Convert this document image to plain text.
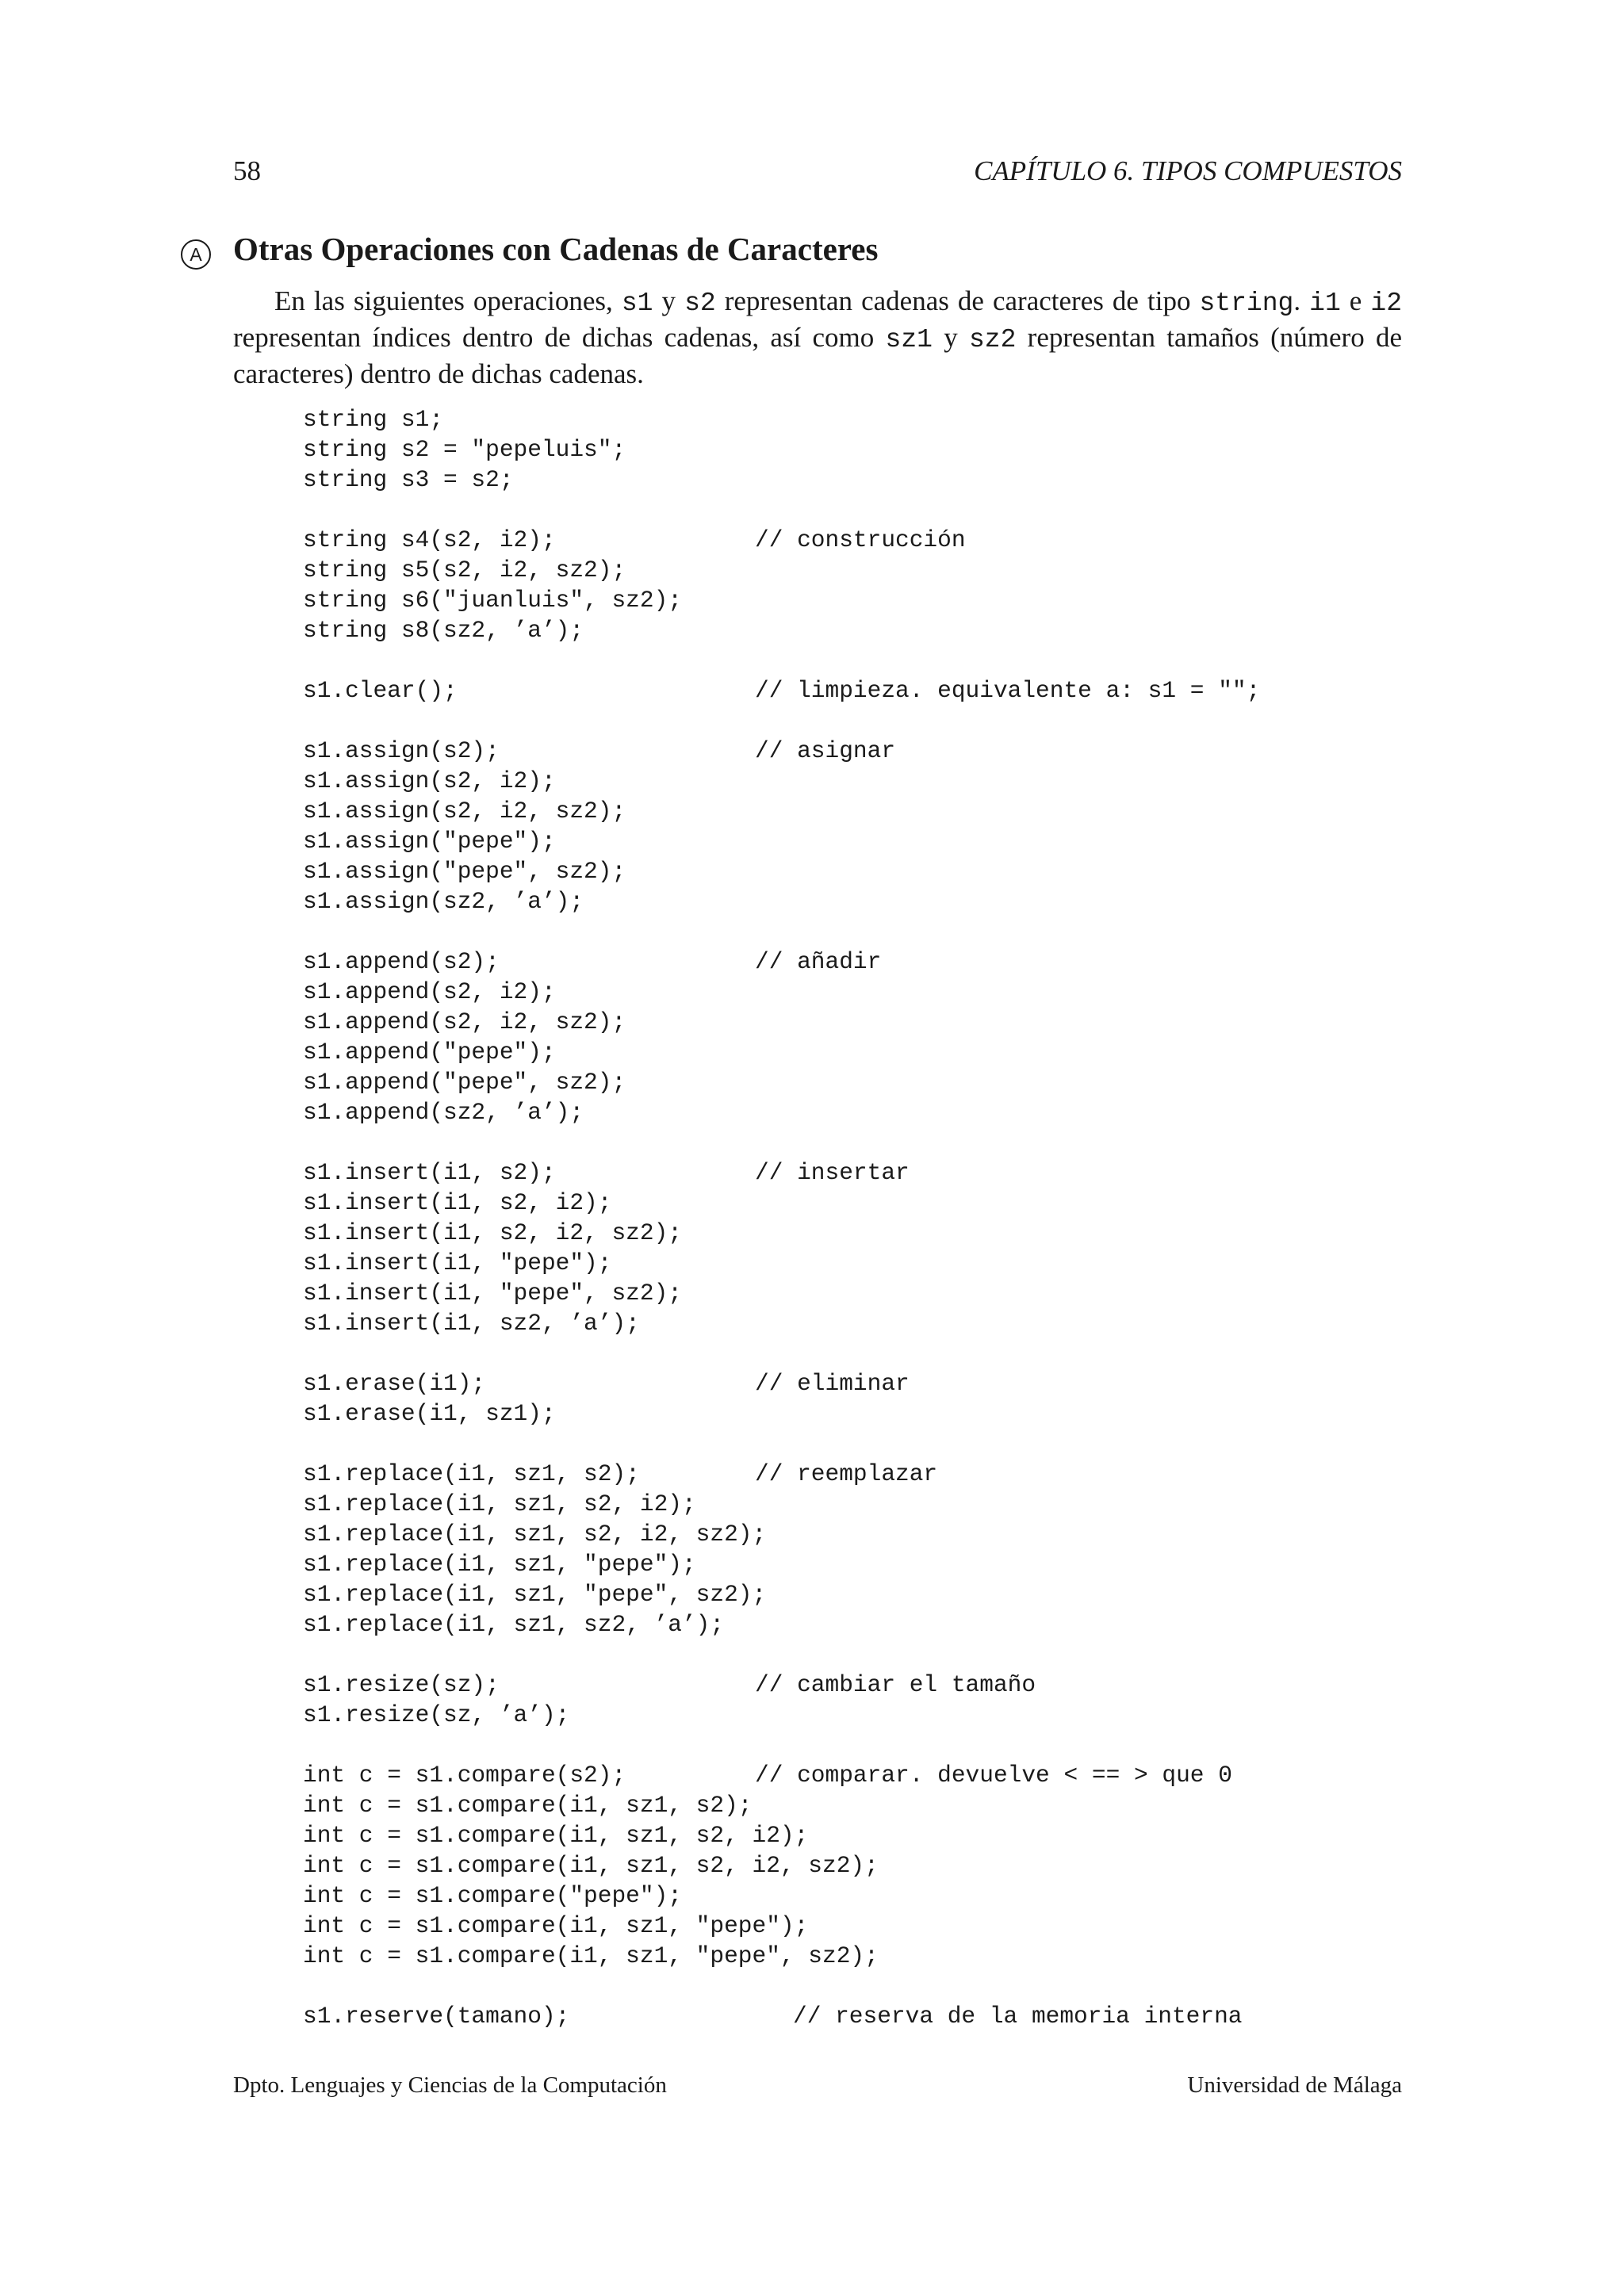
58	CAPÍTULO 6. TIPOS COMPUESTOS
A Otras Operaciones con Cadenas de Caracteres

En las siguientes operaciones, s1 y s2 representan cadenas de caracteres de tipo string. i1 e i2 representan índices dentro de dichas cadenas, así como sz1 y sz2 representan tamaños (número de caracteres) dentro de dichas cadenas.

string s1;
string s2 = "pepeluis";
string s3 = s2;
string s4(s2, i2);	// construcción
string s5(s2, i2, sz2);
string s6("juanluis", sz2);
string s8(sz2, ’a’);
s1.clear();	// limpieza. equivalente a: s1 = "";
s1.assign(s2);	// asignar
s1.assign(s2, i2);
s1.assign(s2, i2, sz2);
s1.assign("pepe");
s1.assign("pepe", sz2);
s1.assign(sz2, ’a’);
s1.append(s2);	// añadir
s1.append(s2, i2);
s1.append(s2, i2, sz2);
s1.append("pepe");
s1.append("pepe", sz2);
s1.append(sz2, ’a’);
s1.insert(i1, s2);	// insertar
s1.insert(i1, s2, i2);
s1.insert(i1, s2, i2, sz2);
s1.insert(i1, "pepe");
s1.insert(i1, "pepe", sz2);
s1.insert(i1, sz2, ’a’);
s1.erase(i1);	// eliminar
s1.erase(i1, sz1);
s1.replace(i1, sz1, s2);	// reemplazar
s1.replace(i1, sz1, s2, i2);
s1.replace(i1, sz1, s2, i2, sz2);
s1.replace(i1, sz1, "pepe");
s1.replace(i1, sz1, "pepe", sz2);
s1.replace(i1, sz1, sz2, ’a’);
s1.resize(sz);	// cambiar el tamaño
s1.resize(sz, ’a’);
int c = s1.compare(s2);	// comparar. devuelve < == > que 0
int c = s1.compare(i1, sz1, s2);
int c = s1.compare(i1, sz1, s2, i2);
int c = s1.compare(i1, sz1, s2, i2, sz2);
int c = s1.compare("pepe");
int c = s1.compare(i1, sz1, "pepe");
int c = s1.compare(i1, sz1, "pepe", sz2);
s1.reserve(tamano);	// reserva de la memoria interna
Dpto. Lenguajes y Ciencias de la Computación	Universidad de Málaga
